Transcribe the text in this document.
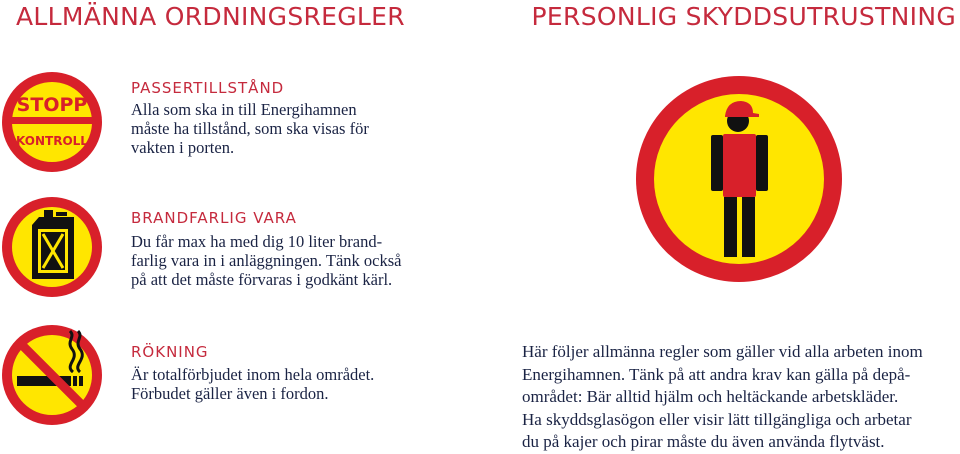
ALLMÄNNA ORDNINGSREGLER	PERSONLIG SKYDDSUTRUSTNING
STOPP
KONTROLL
PASSERTILLSTÅND

Alla som ska in till Energihamnen
måste ha tillstånd, som ska visas för
vakten i porten.

BRANDFARLIG VARA

Du får max ha med dig 10 liter brand-
farlig vara in i anläggningen. Tänk också
på att det måste förvaras i godkänt kärl.

RÖKNING

Är totalförbjudet inom hela området.
Förbudet gäller även i fordon.

Här följer allmänna regler som gäller vid alla arbeten inom
Energihamnen. Tänk på att andra krav kan gälla på depå-
området: Bär alltid hjälm och heltäckande arbetskläder.
Ha skyddsglasögon eller visir lätt tillgängliga och arbetar
du på kajer och pirar måste du även använda flytväst.
